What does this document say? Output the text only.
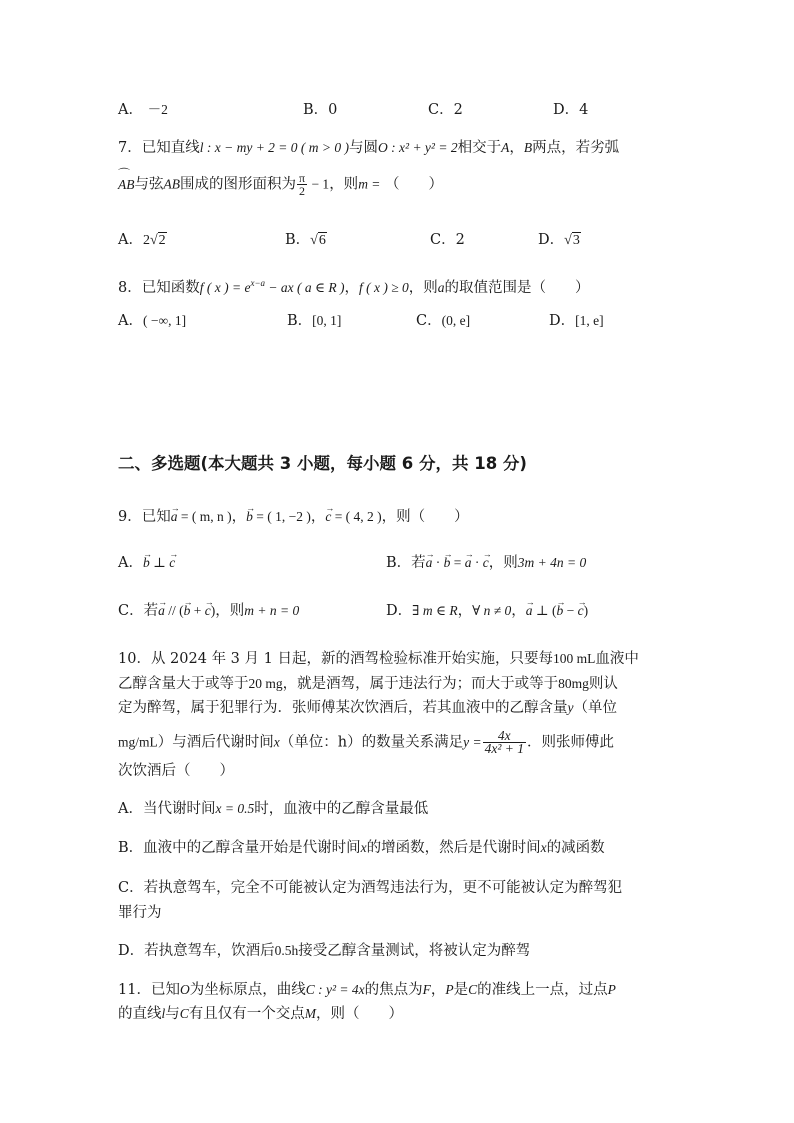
A． －2	B．0	C．2	D．4
7．已知直线l : x − my + 2 = 0 ( m > 0 )与圆O : x² + y² = 2相交于A，B两点，若劣弧
⌒ AB与弦AB围成的图形面积为 $\frac{\pi}{2} - 1$，则m = （　　）
A．2√2	B．√6	C．2	D．√3
8．已知函数f ( x ) = $e^{x-a}$ − ax ( a ∈ R )，f ( x ) ≥ 0，则a的取值范围是（　　）
A．( −∞, 1]	B．[0, 1]	C．(0, e]	D．[1, e]
二、多选题(本大题共 3 小题，每小题 6 分，共 18 分)
9．已知→ a = ( m, n )，→ b = ( 1, −2 )，→ c = ( 4, 2 )，则（　　）
A．→ b ⊥ → c	B．若→ a · → b = → a · → c，则3m + 4n = 0
C．若→ a // (→ b + → c)，则m + n = 0	D．∃ m ∈ R，∀ n ≠ 0，→ a ⊥ (→ b − → c)
10．从 2024 年 3 月 1 日起，新的酒驾检验标准开始实施，只要每100 mL血液中
乙醇含量大于或等于20 mg，就是酒驾，属于违法行为；而大于或等于80mg则认
定为醉驾，属于犯罪行为．张师傅某次饮酒后，若其血液中的乙醇含量y（单位
mg/mL）与酒后代谢时间x（单位：h）的数量关系满足$y = \frac{4x}{\text{4x² + 1}}$ ．则张师傅此
次饮酒后（　　）
A．当代谢时间x = 0.5时，血液中的乙醇含量最低
B．血液中的乙醇含量开始是代谢时间x的增函数，然后是代谢时间x的减函数
C．若执意驾车，完全不可能被认定为酒驾违法行为，更不可能被认定为醉驾犯
罪行为
D．若执意驾车，饮酒后0.5h接受乙醇含量测试，将被认定为醉驾
11．已知O为坐标原点，曲线C : y² = 4x的焦点为F，P是C的准线上一点，过点P
的直线l与C有且仅有一个交点M，则（　　）
